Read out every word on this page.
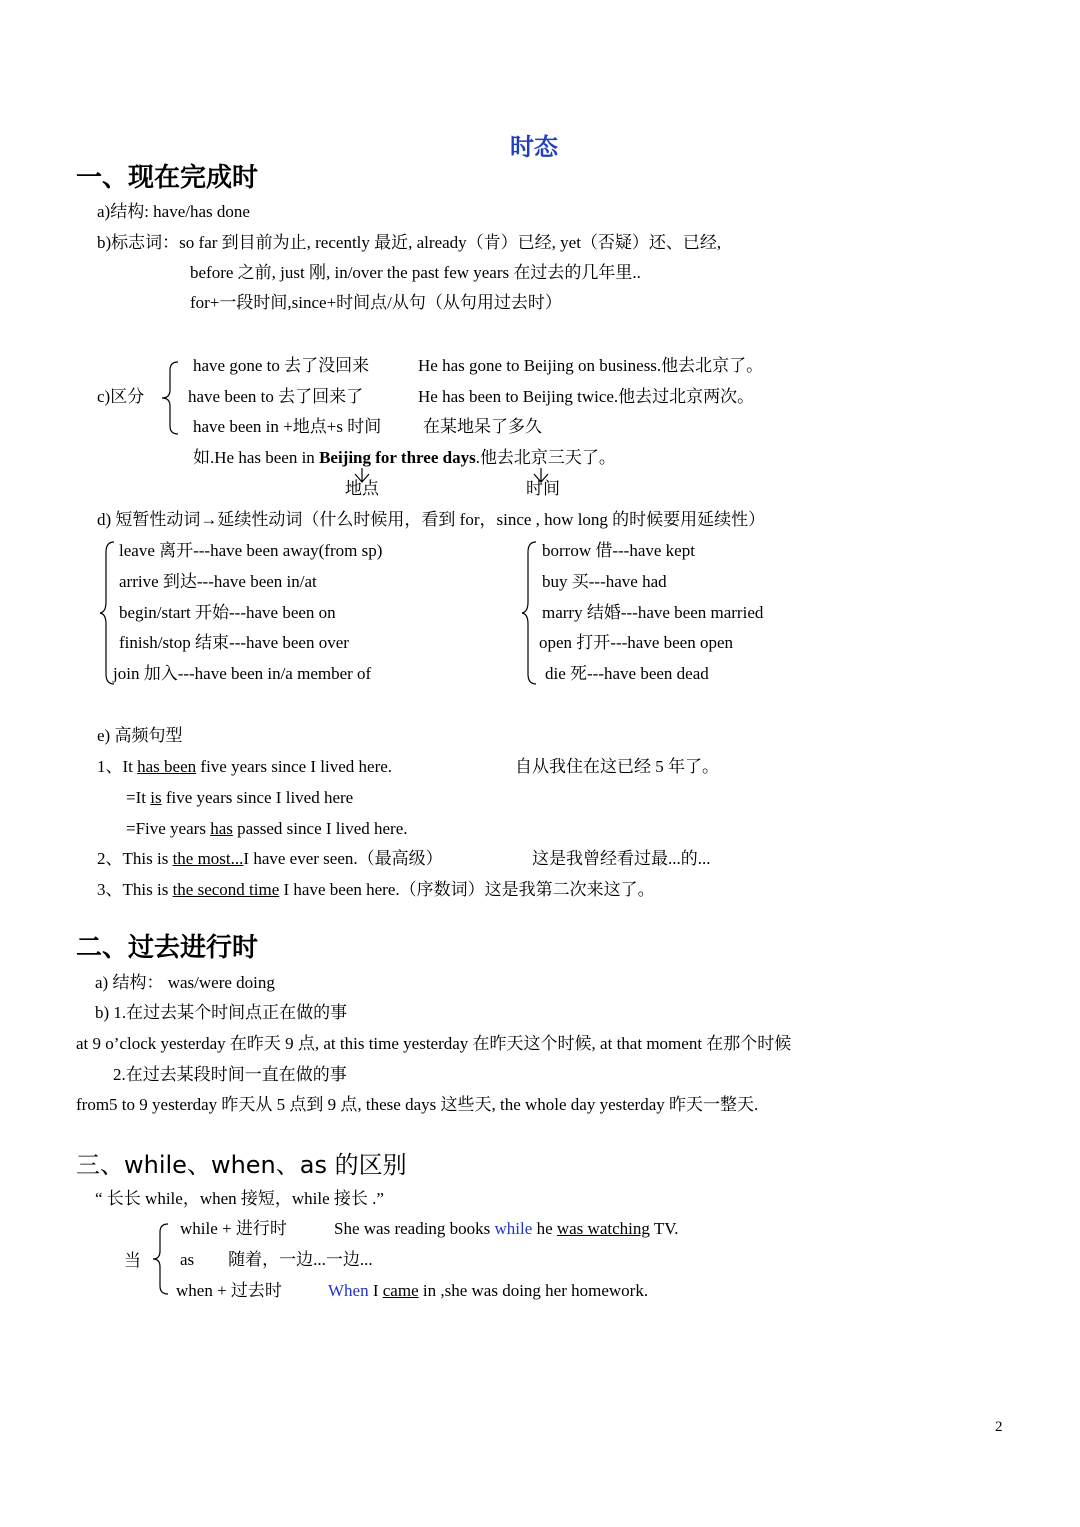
时态
一、现在完成时
a)结构: have/has done
b)标志词：so far 到目前为止, recently 最近, already（肯）已经, yet（否疑）还、已经,
before 之前, just 刚, in/over the past few years 在过去的几年里..
for+一段时间,since+时间点/从句（从句用过去时）
c)区分
have gone to 去了没回来	He has gone to Beijing on business.他去北京了。
have been to 去了回来了	He has been to Beijing twice.他去过北京两次。
have been in +地点+s 时间 在某地呆了多久
如.He has been in Beijing for three days.他去北京三天了。
地点	时间
d) 短暂性动词→延续性动词（什么时候用，看到 for，since , how long 的时候要用延续性）
leave 离开---have been away(from sp)
arrive 到达---have been in/at
begin/start 开始---have been on
finish/stop 结束---have been over
join 加入---have been in/a member of
borrow 借---have kept
buy 买---have had
marry 结婚---have been married
open 打开---have been open
die 死---have been dead
e) 高频句型
1、It has been five years since I lived here.	自从我住在这已经 5 年了。
=It is five years since I lived here
=Five years has passed since I lived here.
2、This is the most...I have ever seen.（最高级）	这是我曾经看过最...的...
3、This is the second time I have been here.（序数词）这是我第二次来这了。
二、过去进行时
a) 结构： was/were doing
b) 1.在过去某个时间点正在做的事
at 9 o’clock yesterday 在昨天 9 点, at this time yesterday 在昨天这个时候, at that moment 在那个时候
2.在过去某段时间一直在做的事
from5 to 9 yesterday 昨天从 5 点到 9 点, these days 这些天, the whole day yesterday 昨天一整天.
三、while、when、as 的区别
“ 长长 while，when 接短，while 接长 .”
当
while + 进行时	She was reading books while he was watching TV.
as        随着，一边...一边...
when + 过去时	When I came in ,she was doing her homework.
2
